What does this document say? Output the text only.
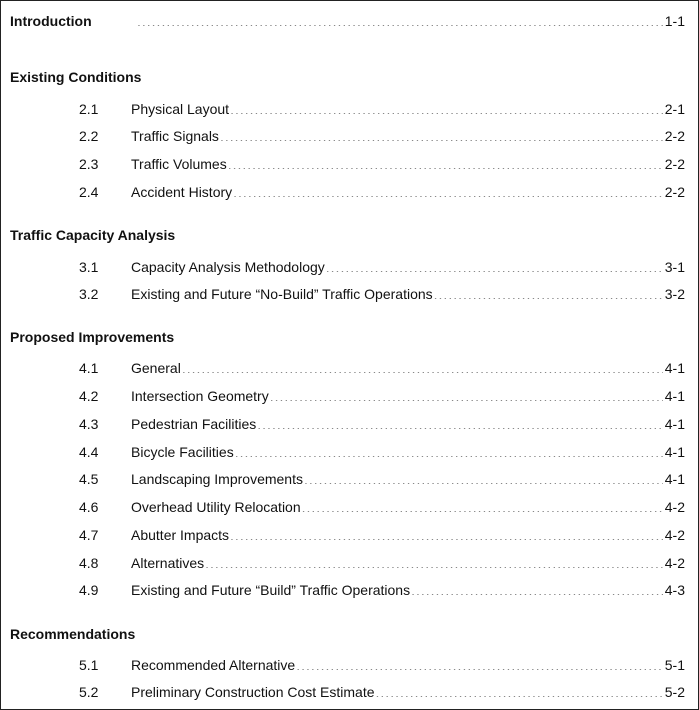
Introduction .....	1-1
Existing Conditions
2.1 Physical Layout .....	2-1
2.2 Traffic Signals .....	2-2
2.3 Traffic Volumes .....	2-2
2.4 Accident History .....	2-2
Traffic Capacity Analysis
3.1 Capacity Analysis Methodology .....	3-1
3.2 Existing and Future “No-Build” Traffic Operations .....	3-2
Proposed Improvements
4.1 General .....	4-1
4.2 Intersection Geometry .....	4-1
4.3 Pedestrian Facilities .....	4-1
4.4 Bicycle Facilities .....	4-1
4.5 Landscaping Improvements .....	4-1
4.6 Overhead Utility Relocation .....	4-2
4.7 Abutter Impacts .....	4-2
4.8 Alternatives .....	4-2
4.9 Existing and Future “Build” Traffic Operations .....	4-3
Recommendations
5.1 Recommended Alternative .....	5-1
5.2 Preliminary Construction Cost Estimate .....	5-2
